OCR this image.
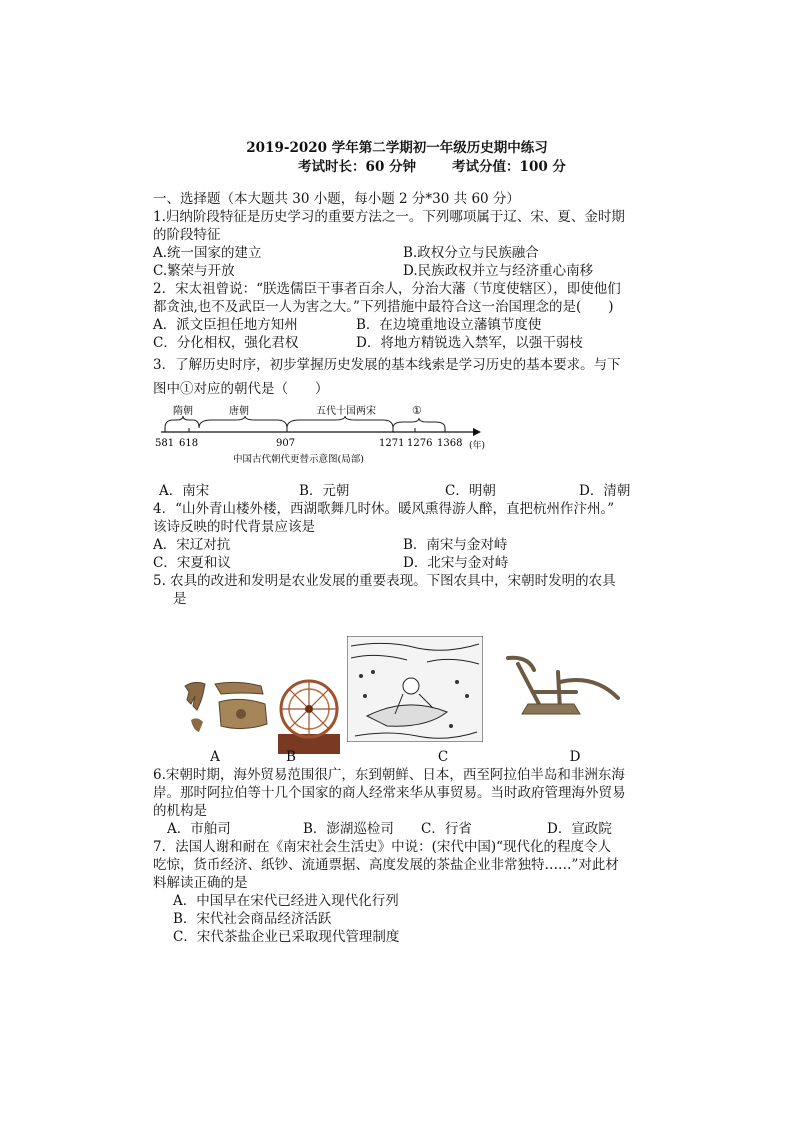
2019-2020 学年第二学期初一年级历史期中练习
考试时长：60 分钟	考试分值：100 分
一、选择题（本大题共 30 小题，每小题 2 分*30 共 60 分）
1.归纳阶段特征是历史学习的重要方法之一。下列哪项属于辽、宋、夏、金时期
的阶段特征
A.统一国家的建立	B.政权分立与民族融合
C.繁荣与开放	D.民族政权并立与经济重心南移
2．宋太祖曾说：“朕选儒臣干事者百余人，分治大藩（节度使辖区），即使他们
都贪浊,也不及武臣一人为害之大。”下列措施中最符合这一治国理念的是(　　)
A．派文臣担任地方知州	B．在边境重地设立藩镇节度使
C．分化相权，强化君权	D．将地方精锐选入禁军，以强干弱枝
3．了解历史时序，初步掌握历史发展的基本线索是学习历史的基本要求。与下
图中①对应的朝代是（　　）
隋朝	唐朝	五代十国两宋	①
581 618	907	1271 1276 1368 (年)
中国古代朝代更替示意图(局部)
A．南宋	B．元朝	C．明朝	D．清朝
4．“山外青山楼外楼，西湖歌舞几时休。暖风熏得游人醉，直把杭州作汴州。”
该诗反映的时代背景应该是
A．宋辽对抗	B．南宋与金对峙
C．宋夏和议	D．北宋与金对峙
5. 农具的改进和发明是农业发展的重要表现。下图农具中，宋朝时发明的农具
是
A	B	C	D
6.宋朝时期，海外贸易范围很广，东到朝鲜、日本，西至阿拉伯半岛和非洲东海
岸。那时阿拉伯等十几个国家的商人经常来华从事贸易。当时政府管理海外贸易
的机构是
A．市舶司	B．澎湖巡检司	C．行省	D．宣政院
7．法国人谢和耐在《南宋社会生活史》中说：(宋代中国)“现代化的程度令人
吃惊，货币经济、纸钞、流通票据、高度发展的茶盐企业非常独特……”对此材
料解读正确的是
A．中国早在宋代已经进入现代化行列
B．宋代社会商品经济活跃
C．宋代茶盐企业已采取现代管理制度
